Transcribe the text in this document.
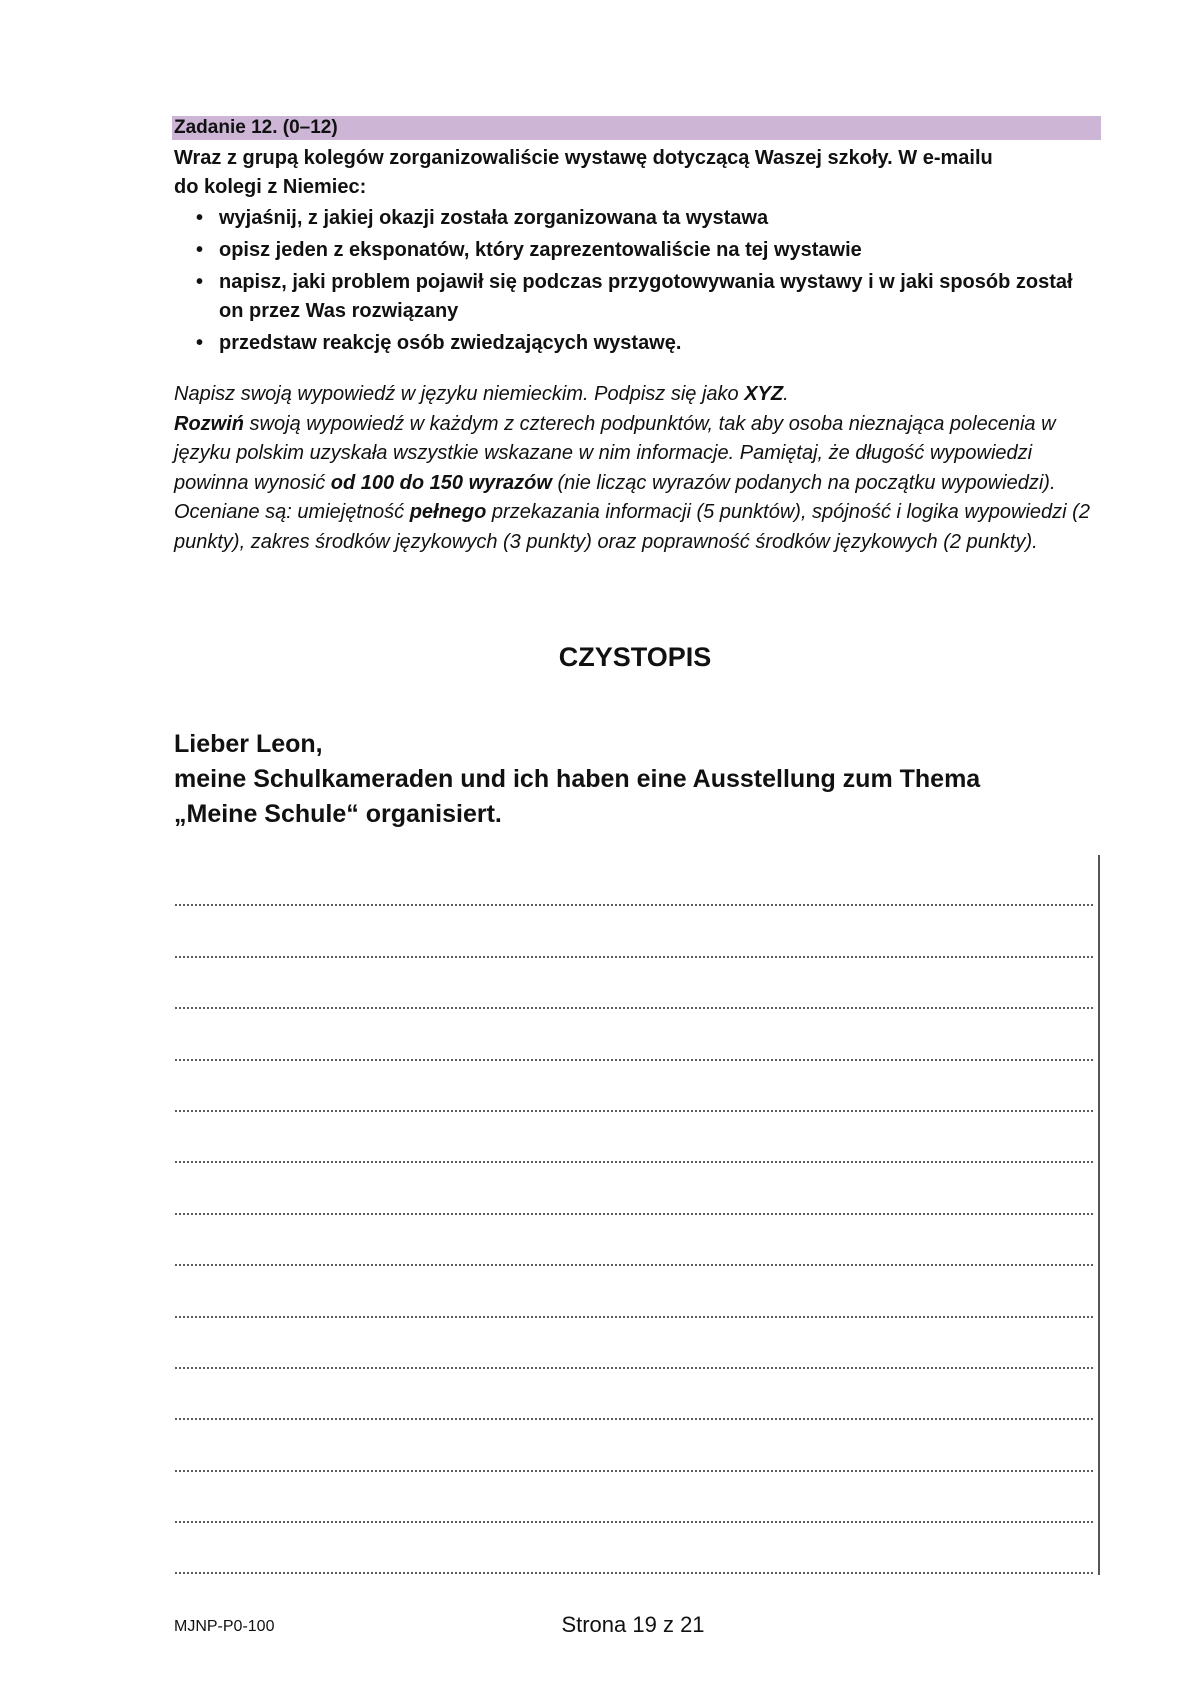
Zadanie 12. (0–12)
Wraz z grupą kolegów zorganizowaliście wystawę dotyczącą Waszej szkoły. W e-mailu
do kolegi z Niemiec:
• wyjaśnij, z jakiej okazji została zorganizowana ta wystawa
• opisz jeden z eksponatów, który zaprezentowaliście na tej wystawie
• napisz, jaki problem pojawił się podczas przygotowywania wystawy i w jaki sposób został on przez Was rozwiązany
• przedstaw reakcję osób zwiedzających wystawę.
Napisz swoją wypowiedź w języku niemieckim. Podpisz się jako XYZ.
Rozwiń swoją wypowiedź w każdym z czterech podpunktów, tak aby osoba nieznająca polecenia w języku polskim uzyskała wszystkie wskazane w nim informacje. Pamiętaj, że długość wypowiedzi powinna wynosić od 100 do 150 wyrazów (nie licząc wyrazów podanych na początku wypowiedzi). Oceniane są: umiejętność pełnego przekazania informacji (5 punktów), spójność i logika wypowiedzi (2 punkty), zakres środków językowych (3 punkty) oraz poprawność środków językowych (2 punkty).
CZYSTOPIS
Lieber Leon,
meine Schulkameraden und ich haben eine Ausstellung zum Thema
„Meine Schule“ organisiert.
MJNP-P0-100	Strona 19 z 21
